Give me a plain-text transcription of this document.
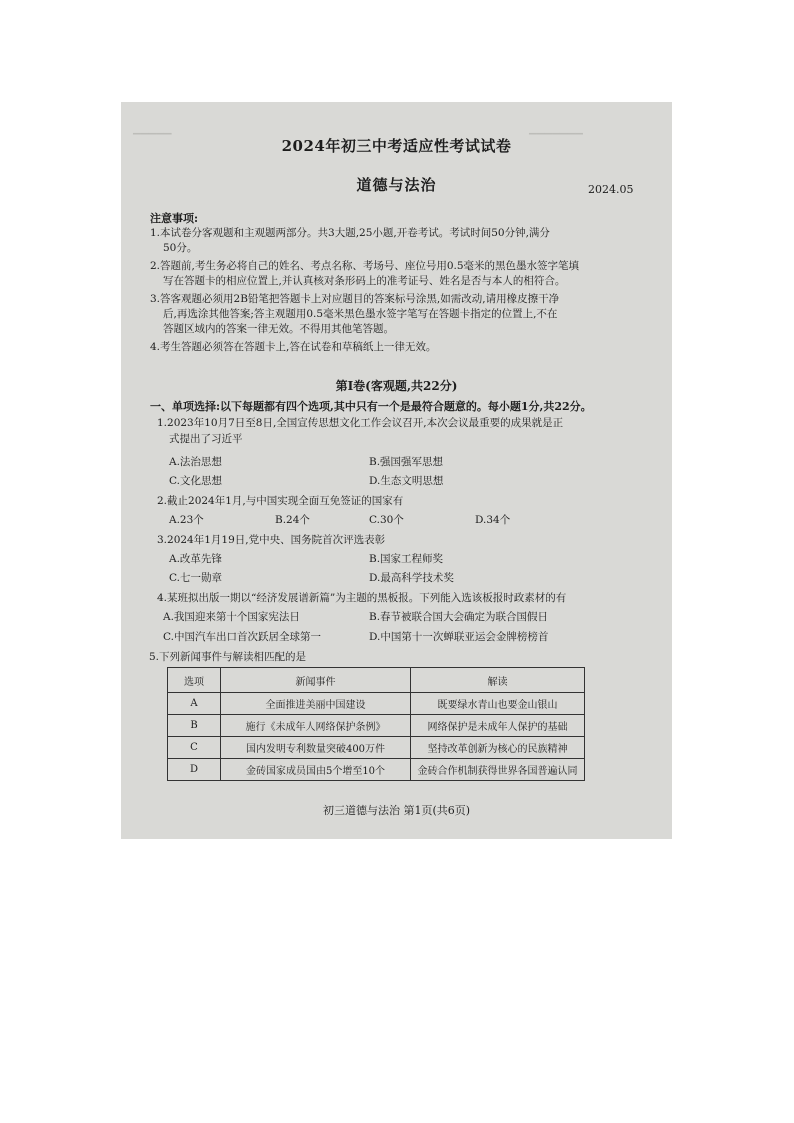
▁▁▁▁▁	▁▁▁▁▁▁▁
2024年初三中考适应性考试试卷
道德与法治	2024.05
注意事项:
1.本试卷分客观题和主观题两部分。共3大题,25小题,开卷考试。考试时间50分钟,满分
50分。
2.答题前,考生务必将自己的姓名、考点名称、考场号、座位号用0.5毫米的黑色墨水签字笔填
写在答题卡的相应位置上,并认真核对条形码上的准考证号、姓名是否与本人的相符合。
3.答客观题必须用2B铅笔把答题卡上对应题目的答案标号涂黑,如需改动,请用橡皮擦干净
后,再选涂其他答案;答主观题用0.5毫米黑色墨水签字笔写在答题卡指定的位置上,不在
答题区域内的答案一律无效。不得用其他笔答题。
4.考生答题必须答在答题卡上,答在试卷和草稿纸上一律无效。
第Ⅰ卷(客观题,共22分)
一、单项选择:以下每题都有四个选项,其中只有一个是最符合题意的。每小题1分,共22分。
1.2023年10月7日至8日,全国宣传思想文化工作会议召开,本次会议最重要的成果就是正
式提出了习近平
A.法治思想	B.强国强军思想
C.文化思想	D.生态文明思想
2.截止2024年1月,与中国实现全面互免签证的国家有
A.23个	B.24个	C.30个	D.34个
3.2024年1月19日,党中央、国务院首次评选表彰
A.改革先锋	B.国家工程师奖
C.七一勋章	D.最高科学技术奖
4.某班拟出版一期以“经济发展谱新篇”为主题的黑板报。下列能入选该板报时政素材的有
A.我国迎来第十个国家宪法日	B.春节被联合国大会确定为联合国假日
C.中国汽车出口首次跃居全球第一	D.中国第十一次蝉联亚运会金牌榜榜首
5.下列新闻事件与解读相匹配的是
选项	新闻事件	解读
A	全面推进美丽中国建设	既要绿水青山也要金山银山
B	施行《未成年人网络保护条例》	网络保护是未成年人保护的基础
C	国内发明专利数量突破400万件	坚持改革创新为核心的民族精神
D	金砖国家成员国由5个增至10个	金砖合作机制获得世界各国普遍认同
初三道德与法治 第1页(共6页)
